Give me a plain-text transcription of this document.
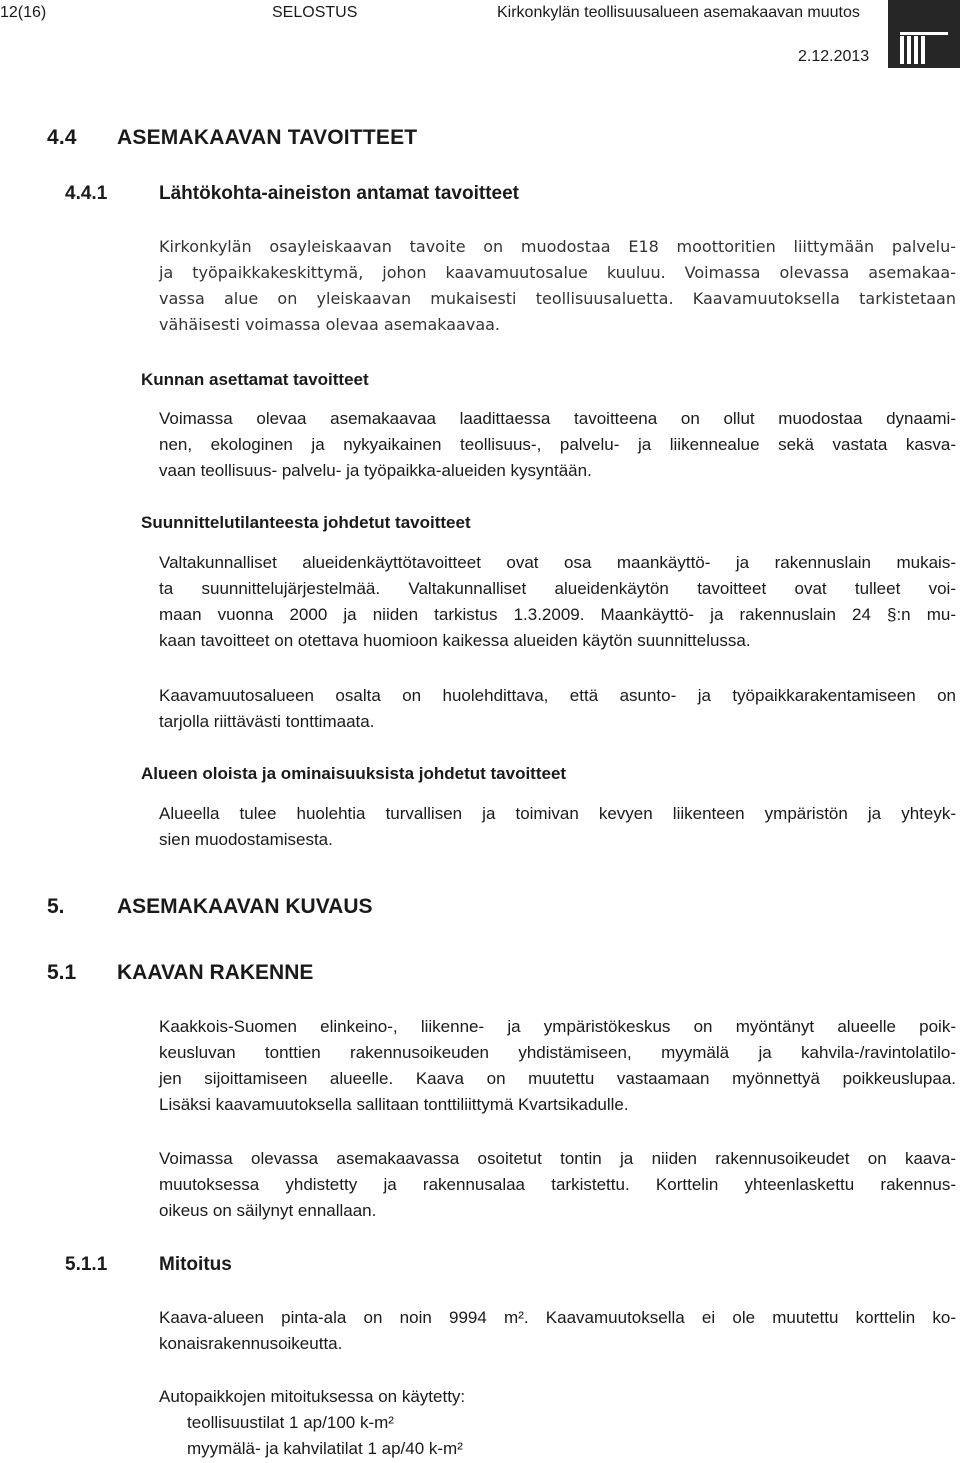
12(16)	SELOSTUS	Kirkonkylän teollisuusalueen asemakaavan muutos
2.12.2013
4.4 ASEMAKAAVAN TAVOITTEET
4.4.1	Lähtökohta-aineiston antamat tavoitteet
Kirkonkylän osayleiskaavan tavoite on muodostaa E18 moottoritien liittymään palvelu-
ja työpaikkakeskittymä, johon kaavamuutosalue kuuluu. Voimassa olevassa asemakaa-
vassa alue on yleiskaavan mukaisesti teollisuusaluetta. Kaavamuutoksella tarkistetaan
vähäisesti voimassa olevaa asemakaavaa.
Kunnan asettamat tavoitteet
Voimassa olevaa asemakaavaa laadittaessa tavoitteena on ollut muodostaa dynaami-
nen, ekologinen ja nykyaikainen teollisuus-, palvelu- ja liikennealue sekä vastata kasva-
vaan teollisuus- palvelu- ja työpaikka-alueiden kysyntään.
Suunnittelutilanteesta johdetut tavoitteet
Valtakunnalliset alueidenkäyttötavoitteet ovat osa maankäyttö- ja rakennuslain mukais-
ta suunnittelujärjestelmää. Valtakunnalliset alueidenkäytön tavoitteet ovat tulleet voi-
maan vuonna 2000 ja niiden tarkistus 1.3.2009. Maankäyttö- ja rakennuslain 24 §:n mu-
kaan tavoitteet on otettava huomioon kaikessa alueiden käytön suunnittelussa.
Kaavamuutosalueen osalta on huolehdittava, että asunto- ja työpaikkarakentamiseen on
tarjolla riittävästi tonttimaata.
Alueen oloista ja ominaisuuksista johdetut tavoitteet
Alueella tulee huolehtia turvallisen ja toimivan kevyen liikenteen ympäristön ja yhteyk-
sien muodostamisesta.
5. ASEMAKAAVAN KUVAUS
5.1 KAAVAN RAKENNE
Kaakkois-Suomen elinkeino-, liikenne- ja ympäristökeskus on myöntänyt alueelle poik-
keusluvan tonttien rakennusoikeuden yhdistämiseen, myymälä ja kahvila-/ravintolatilo-
jen sijoittamiseen alueelle. Kaava on muutettu vastaamaan myönnettyä poikkeuslupaa.
Lisäksi kaavamuutoksella sallitaan tonttiliittymä Kvartsikadulle.
Voimassa olevassa asemakaavassa osoitetut tontin ja niiden rakennusoikeudet on kaava-
muutoksessa yhdistetty ja rakennusalaa tarkistettu. Korttelin yhteenlaskettu rakennus-
oikeus on säilynyt ennallaan.
5.1.1	Mitoitus
Kaava-alueen pinta-ala on noin 9994 m². Kaavamuutoksella ei ole muutettu korttelin ko-
konaisrakennusoikeutta.
Autopaikkojen mitoituksessa on käytetty:
teollisuustilat 1 ap/100 k-m²
myymälä- ja kahvilatilat 1 ap/40 k-m²
